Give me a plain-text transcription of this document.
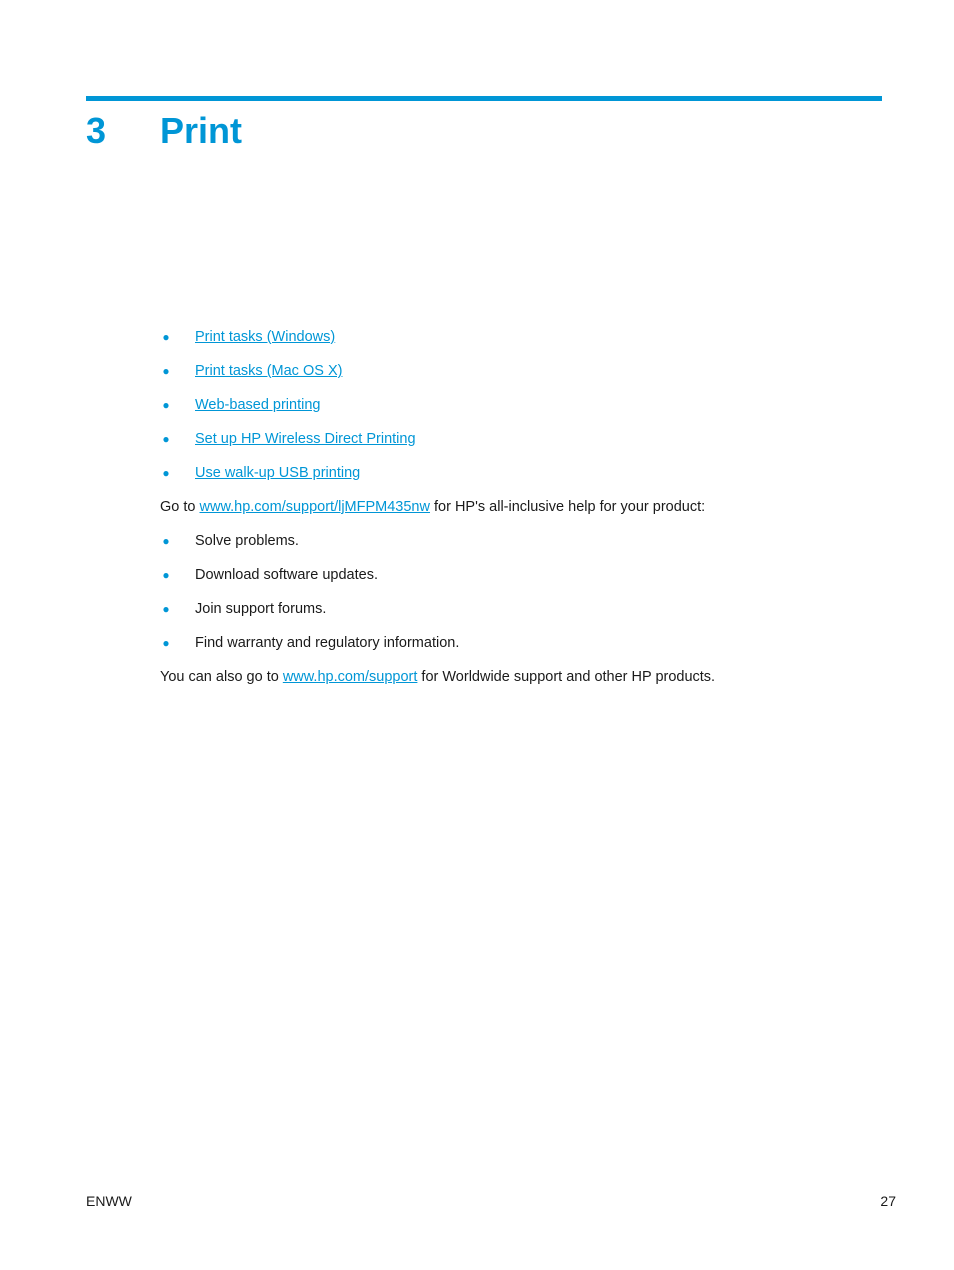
3	Print
● Print tasks (Windows)
● Print tasks (Mac OS X)
● Web-based printing
● Set up HP Wireless Direct Printing
● Use walk-up USB printing

Go to www.hp.com/support/ljMFPM435nw for HP's all-inclusive help for your product:

● Solve problems.
● Download software updates.
● Join support forums.
● Find warranty and regulatory information.

You can also go to www.hp.com/support for Worldwide support and other HP products.

ENWW	27
